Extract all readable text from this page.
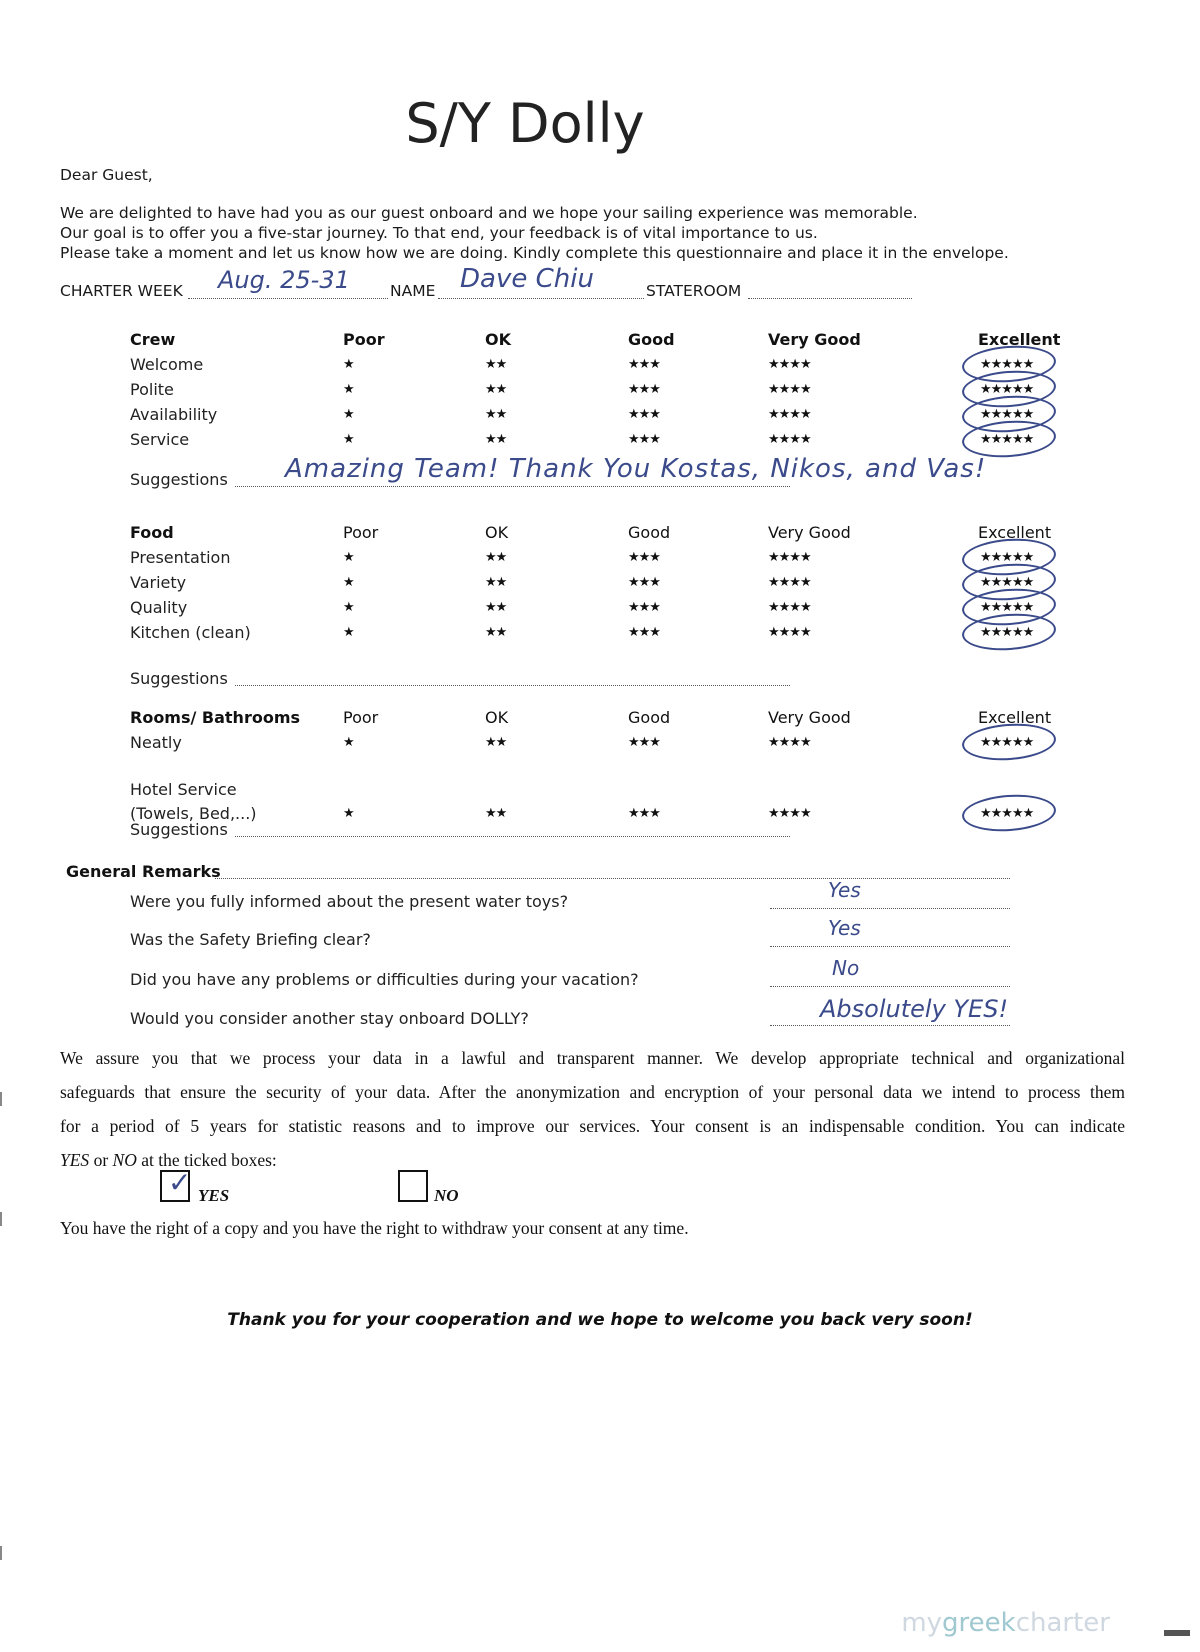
S/Y Dolly
Dear Guest,
We are delighted to have had you as our guest onboard and we hope your sailing experience was memorable.
Our goal is to offer you a five-star journey. To that end, your feedback is of vital importance to us.
Please take a moment and let us know how we are doing. Kindly complete this questionnaire and place it in the envelope.
CHARTER WEEK Aug. 25-31	NAME Dave Chiu	STATEROOM
Crew	Poor	OK	Good	Very Good	Excellent
Welcome	★	★★	★★★	★★★★	★★★★★
Polite	★	★★	★★★	★★★★	★★★★★
Availability	★	★★	★★★	★★★★	★★★★★
Service	★	★★	★★★	★★★★	★★★★★
Suggestions Amazing Team! Thank You Kostas, Nikos, and Vas!
Food	Poor	OK	Good	Very Good	Excellent
Presentation	★	★★	★★★	★★★★	★★★★★
Variety	★	★★	★★★	★★★★	★★★★★
Quality	★	★★	★★★	★★★★	★★★★★
Kitchen (clean)	★	★★	★★★	★★★★	★★★★★
Suggestions
Rooms/ Bathrooms	Poor	OK	Good	Very Good	Excellent
Neatly	★	★★	★★★	★★★★	★★★★★
Hotel Service
(Towels, Bed,...)	★	★★	★★★	★★★★	★★★★★
Suggestions
General Remarks
Were you fully informed about the present water toys?	Yes
Was the Safety Briefing clear?	Yes
Did you have any problems or difficulties during your vacation?	No
Would you consider another stay onboard DOLLY?	Absolutely YES!
We assure you that we process your data in a lawful and transparent manner. We develop appropriate technical and organizational
safeguards that ensure the security of your data. After the anonymization and encryption of your personal data we intend to process them
for a period of 5 years for statistic reasons and to improve our services. Your consent is an indispensable condition. You can indicate
YES or NO at the ticked boxes:
✓ YES	NO
You have the right of a copy and you have the right to withdraw your consent at any time.
Thank you for your cooperation and we hope to welcome you back very soon!
mygreekcharter
